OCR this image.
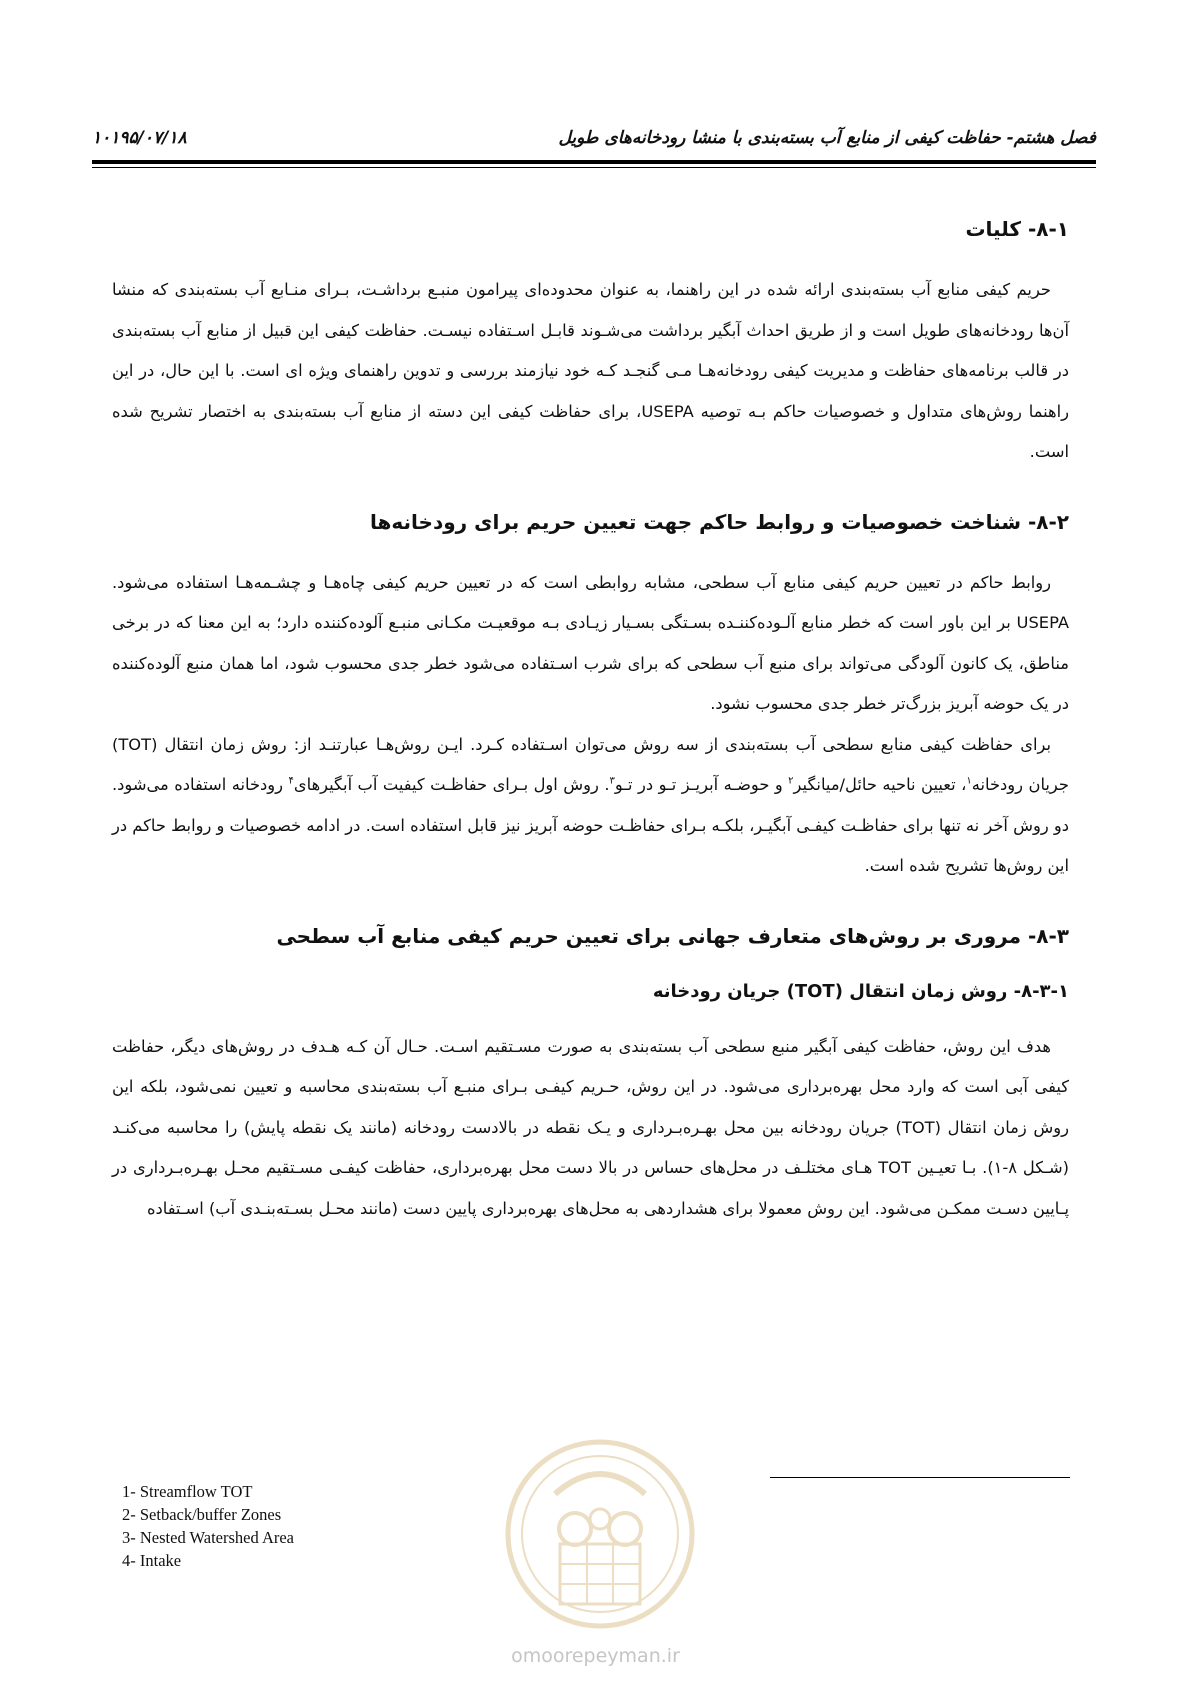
فصل هشتم- حفاظت کیفی از منابع آب بسته‌بندی با منشا رودخانه‌های طویل
۱۰۱۹۵/۰۷/۱۸
۸-۱- کلیات

حریم کیفی منابع آب بسته‌بندی ارائه شده در این راهنما، به عنوان محدوده‌ای پیرامون منبـع برداشـت، بـرای منـابع آب بسته‌بندی که منشا آن‌ها رودخانه‌های طویل است و از طریق احداث آبگیر برداشت می‌شـوند قابـل اسـتفاده نیسـت. حفاظت کیفی این قبیل از منابع آب بسته‌بندی در قالب برنامه‌های حفاظت و مدیریت کیفی رودخانه‌هـا مـی گنجـد کـه خود نیازمند بررسی و تدوین راهنمای ویژه ای است. با این حال، در این راهنما روش‌های متداول و خصوصیات حاکم بـه توصیه USEPA، برای حفاظت کیفی این دسته از منابع آب بسته‌بندی به اختصار تشریح شده است.

۸-۲- شناخت خصوصیات و روابط حاکم جهت تعیین حریم برای رودخانه‌ها

روابط حاکم در تعیین حریم کیفی منابع آب سطحی، مشابه روابطی است که در تعیین حریم کیفی چاه‌هـا و چشـمه‌هـا استفاده می‌شود. USEPA بر این باور است که خطر منابع آلـوده‌کننـده بسـتگی بسـیار زیـادی بـه موقعیـت مکـانی منبـع آلوده‌کننده دارد؛ به این معنا که در برخی مناطق، یک کانون آلودگی می‌تواند برای منبع آب سطحی که برای شرب اسـتفاده می‌شود خطر جدی محسوب شود، اما همان منبع آلوده‌کننده در یک حوضه آبریز بزرگ‌تر خطر جدی محسوب نشود.

برای حفاظت کیفی منابع سطحی آب بسته‌بندی از سه روش می‌توان اسـتفاده کـرد. ایـن روش‌هـا عبارتنـد از: روش زمان انتقال (TOT) جریان رودخانه$^۱$، تعیین ناحیه حائل/میانگیر$^۲$ و حوضـه آبریـز تـو در تـو$^۳$. روش اول بـرای حفاظـت کیفیت آب آبگیرهای$^۴$ رودخانه استفاده می‌شود. دو روش آخر نه تنها برای حفاظـت کیفـی آبگیـر، بلکـه بـرای حفاظـت حوضه آبریز نیز قابل استفاده است. در ادامه خصوصیات و روابط حاکم در این روش‌ها تشریح شده است.

۸-۳- مروری بر روش‌های متعارف جهانی برای تعیین حریم کیفی منابع آب سطحی
۸-۳-۱- روش زمان انتقال (TOT) جریان رودخانه

هدف این روش، حفاظت کیفی آبگیر منبع سطحی آب بسته‌بندی به صورت مسـتقیم اسـت. حـال آن کـه هـدف در روش‌های دیگر، حفاظت کیفی آبی است که وارد محل بهره‌برداری می‌شود. در این روش، حـریم کیفـی بـرای منبـع آب بسته‌بندی محاسبه و تعیین نمی‌شود، بلکه این روش زمان انتقال (TOT) جریان رودخانه بین محل بهـره‌بـرداری و یـک نقطه در بالادست رودخانه (مانند یک نقطه پایش) را محاسبه می‌کنـد (شـکل ۸-۱). بـا تعیـین TOT هـای مختلـف در محل‌های حساس در بالا دست محل بهره‌برداری، حفاظت کیفـی مسـتقیم محـل بهـره‌بـرداری در پـایین دسـت ممکـن می‌شود. این روش معمولا برای هشداردهی به محل‌های بهره‌برداری پایین دست (مانند محـل بسـته‌بنـدی آب) اسـتفاده

1- Streamflow TOT
2- Setback/buffer Zones
3- Nested Watershed Area
4- Intake
omoorepeyman.ir
